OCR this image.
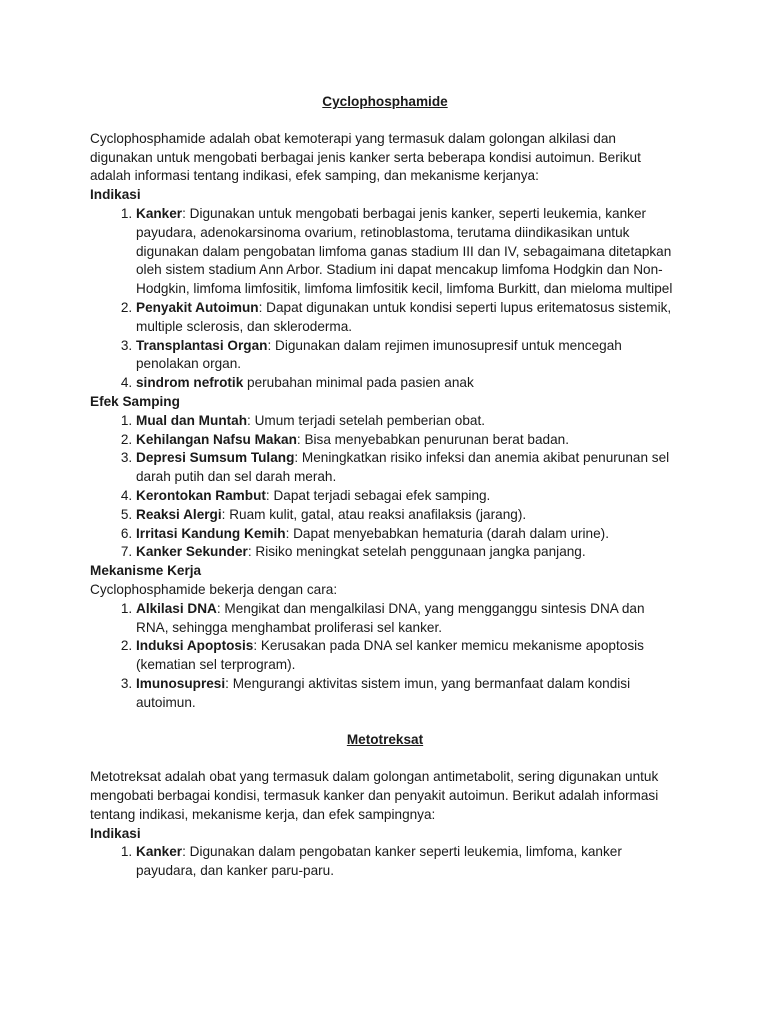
Cyclophosphamide

Cyclophosphamide adalah obat kemoterapi yang termasuk dalam golongan alkilasi dan digunakan untuk mengobati berbagai jenis kanker serta beberapa kondisi autoimun. Berikut adalah informasi tentang indikasi, efek samping, dan mekanisme kerjanya:

Indikasi

1. Kanker: Digunakan untuk mengobati berbagai jenis kanker, seperti leukemia, kanker payudara, adenokarsinoma ovarium, retinoblastoma, terutama diindikasikan untuk digunakan dalam pengobatan limfoma ganas stadium III dan IV, sebagaimana ditetapkan oleh sistem stadium Ann Arbor. Stadium ini dapat mencakup limfoma Hodgkin dan Non-Hodgkin, limfoma limfositik, limfoma limfositik kecil, limfoma Burkitt, dan mieloma multipel
2. Penyakit Autoimun: Dapat digunakan untuk kondisi seperti lupus eritematosus sistemik, multiple sclerosis, dan skleroderma.
3. Transplantasi Organ: Digunakan dalam rejimen imunosupresif untuk mencegah penolakan organ.
4. sindrom nefrotik perubahan minimal pada pasien anak

Efek Samping

1. Mual dan Muntah: Umum terjadi setelah pemberian obat.
2. Kehilangan Nafsu Makan: Bisa menyebabkan penurunan berat badan.
3. Depresi Sumsum Tulang: Meningkatkan risiko infeksi dan anemia akibat penurunan sel darah putih dan sel darah merah.
4. Kerontokan Rambut: Dapat terjadi sebagai efek samping.
5. Reaksi Alergi: Ruam kulit, gatal, atau reaksi anafilaksis (jarang).
6. Irritasi Kandung Kemih: Dapat menyebabkan hematuria (darah dalam urine).
7. Kanker Sekunder: Risiko meningkat setelah penggunaan jangka panjang.

Mekanisme Kerja

Cyclophosphamide bekerja dengan cara:

1. Alkilasi DNA: Mengikat dan mengalkilasi DNA, yang mengganggu sintesis DNA dan RNA, sehingga menghambat proliferasi sel kanker.
2. Induksi Apoptosis: Kerusakan pada DNA sel kanker memicu mekanisme apoptosis (kematian sel terprogram).
3. Imunosupresi: Mengurangi aktivitas sistem imun, yang bermanfaat dalam kondisi autoimun.

Metotreksat

Metotreksat adalah obat yang termasuk dalam golongan antimetabolit, sering digunakan untuk mengobati berbagai kondisi, termasuk kanker dan penyakit autoimun. Berikut adalah informasi tentang indikasi, mekanisme kerja, dan efek sampingnya:

Indikasi

1. Kanker: Digunakan dalam pengobatan kanker seperti leukemia, limfoma, kanker payudara, dan kanker paru-paru.
